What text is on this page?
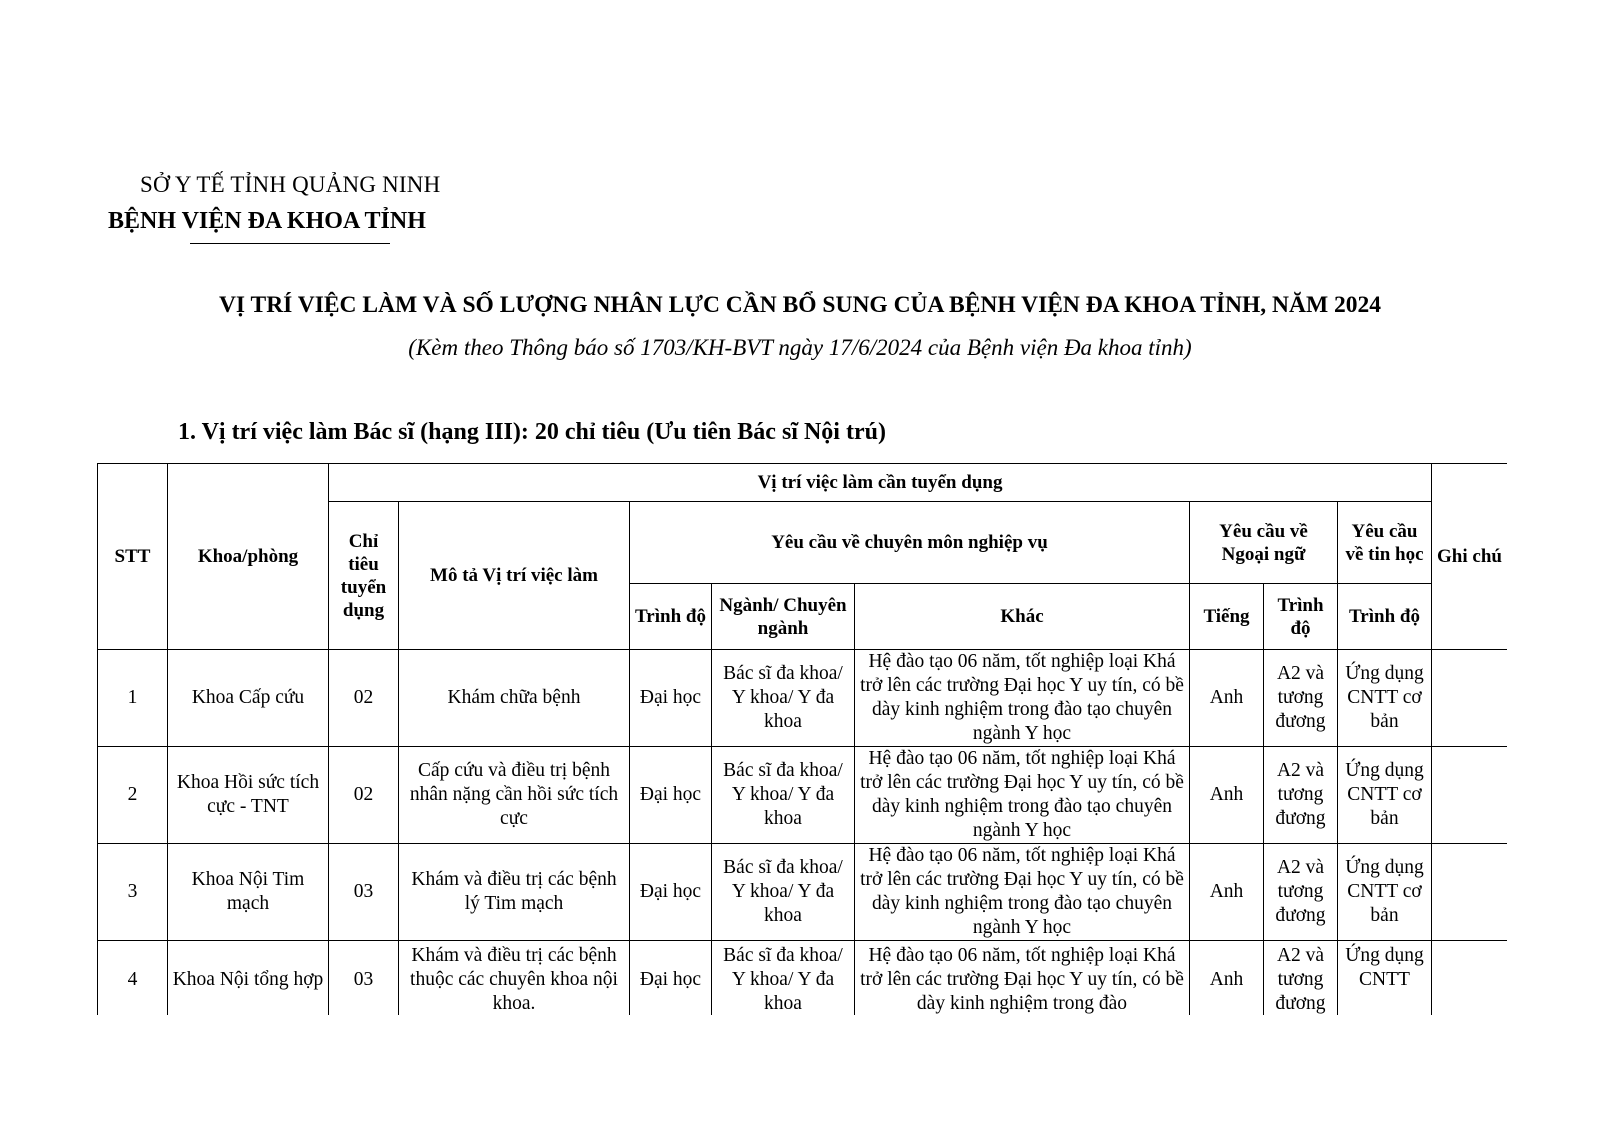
SỞ Y TẾ TỈNH QUẢNG NINH
BỆNH VIỆN ĐA KHOA TỈNH
VỊ TRÍ VIỆC LÀM VÀ SỐ LƯỢNG NHÂN LỰC CẦN BỔ SUNG CỦA BỆNH VIỆN ĐA KHOA TỈNH, NĂM 2024
(Kèm theo Thông báo số 1703/KH-BVT ngày 17/6/2024 của Bệnh viện Đa khoa tỉnh)
1. Vị trí việc làm Bác sĩ (hạng III): 20 chỉ tiêu (Ưu tiên Bác sĩ Nội trú)
STT	Khoa/phòng	Vị trí việc làm cần tuyển dụng								Ghi chú
		Chỉ tiêu tuyển dụng	Mô tả Vị trí việc làm	Yêu cầu về chuyên môn nghiệp vụ			Yêu cầu về Ngoại ngữ		Yêu cầu về tin học	
				Trình độ	Ngành/ Chuyên ngành	Khác	Tiếng	Trình độ	Trình độ	
1	Khoa Cấp cứu	02	Khám chữa bệnh	Đại học	Bác sĩ đa khoa/ Y khoa/ Y đa khoa	Hệ đào tạo 06 năm, tốt nghiệp loại Khá trở lên các trường Đại học Y uy tín, có bề dày kinh nghiệm trong đào tạo chuyên ngành Y học	Anh	A2 và tương đương	Ứng dụng CNTT cơ bản	
2	Khoa Hồi sức tích cực - TNT	02	Cấp cứu và điều trị bệnh nhân nặng cần hồi sức tích cực	Đại học	Bác sĩ đa khoa/ Y khoa/ Y đa khoa	Hệ đào tạo 06 năm, tốt nghiệp loại Khá trở lên các trường Đại học Y uy tín, có bề dày kinh nghiệm trong đào tạo chuyên ngành Y học	Anh	A2 và tương đương	Ứng dụng CNTT cơ bản	
3	Khoa Nội Tim mạch	03	Khám và điều trị các bệnh lý Tim mạch	Đại học	Bác sĩ đa khoa/ Y khoa/ Y đa khoa	Hệ đào tạo 06 năm, tốt nghiệp loại Khá trở lên các trường Đại học Y uy tín, có bề dày kinh nghiệm trong đào tạo chuyên ngành Y học	Anh	A2 và tương đương	Ứng dụng CNTT cơ bản	
4	Khoa Nội tổng hợp	03	Khám và điều trị các bệnh thuộc các chuyên khoa nội khoa.	Đại học	Bác sĩ đa khoa/ Y khoa/ Y đa khoa	Hệ đào tạo 06 năm, tốt nghiệp loại Khá trở lên các trường Đại học Y uy tín, có bề dày kinh nghiệm trong đào	Anh	A2 và tương đương	Ứng dụng CNTT	
